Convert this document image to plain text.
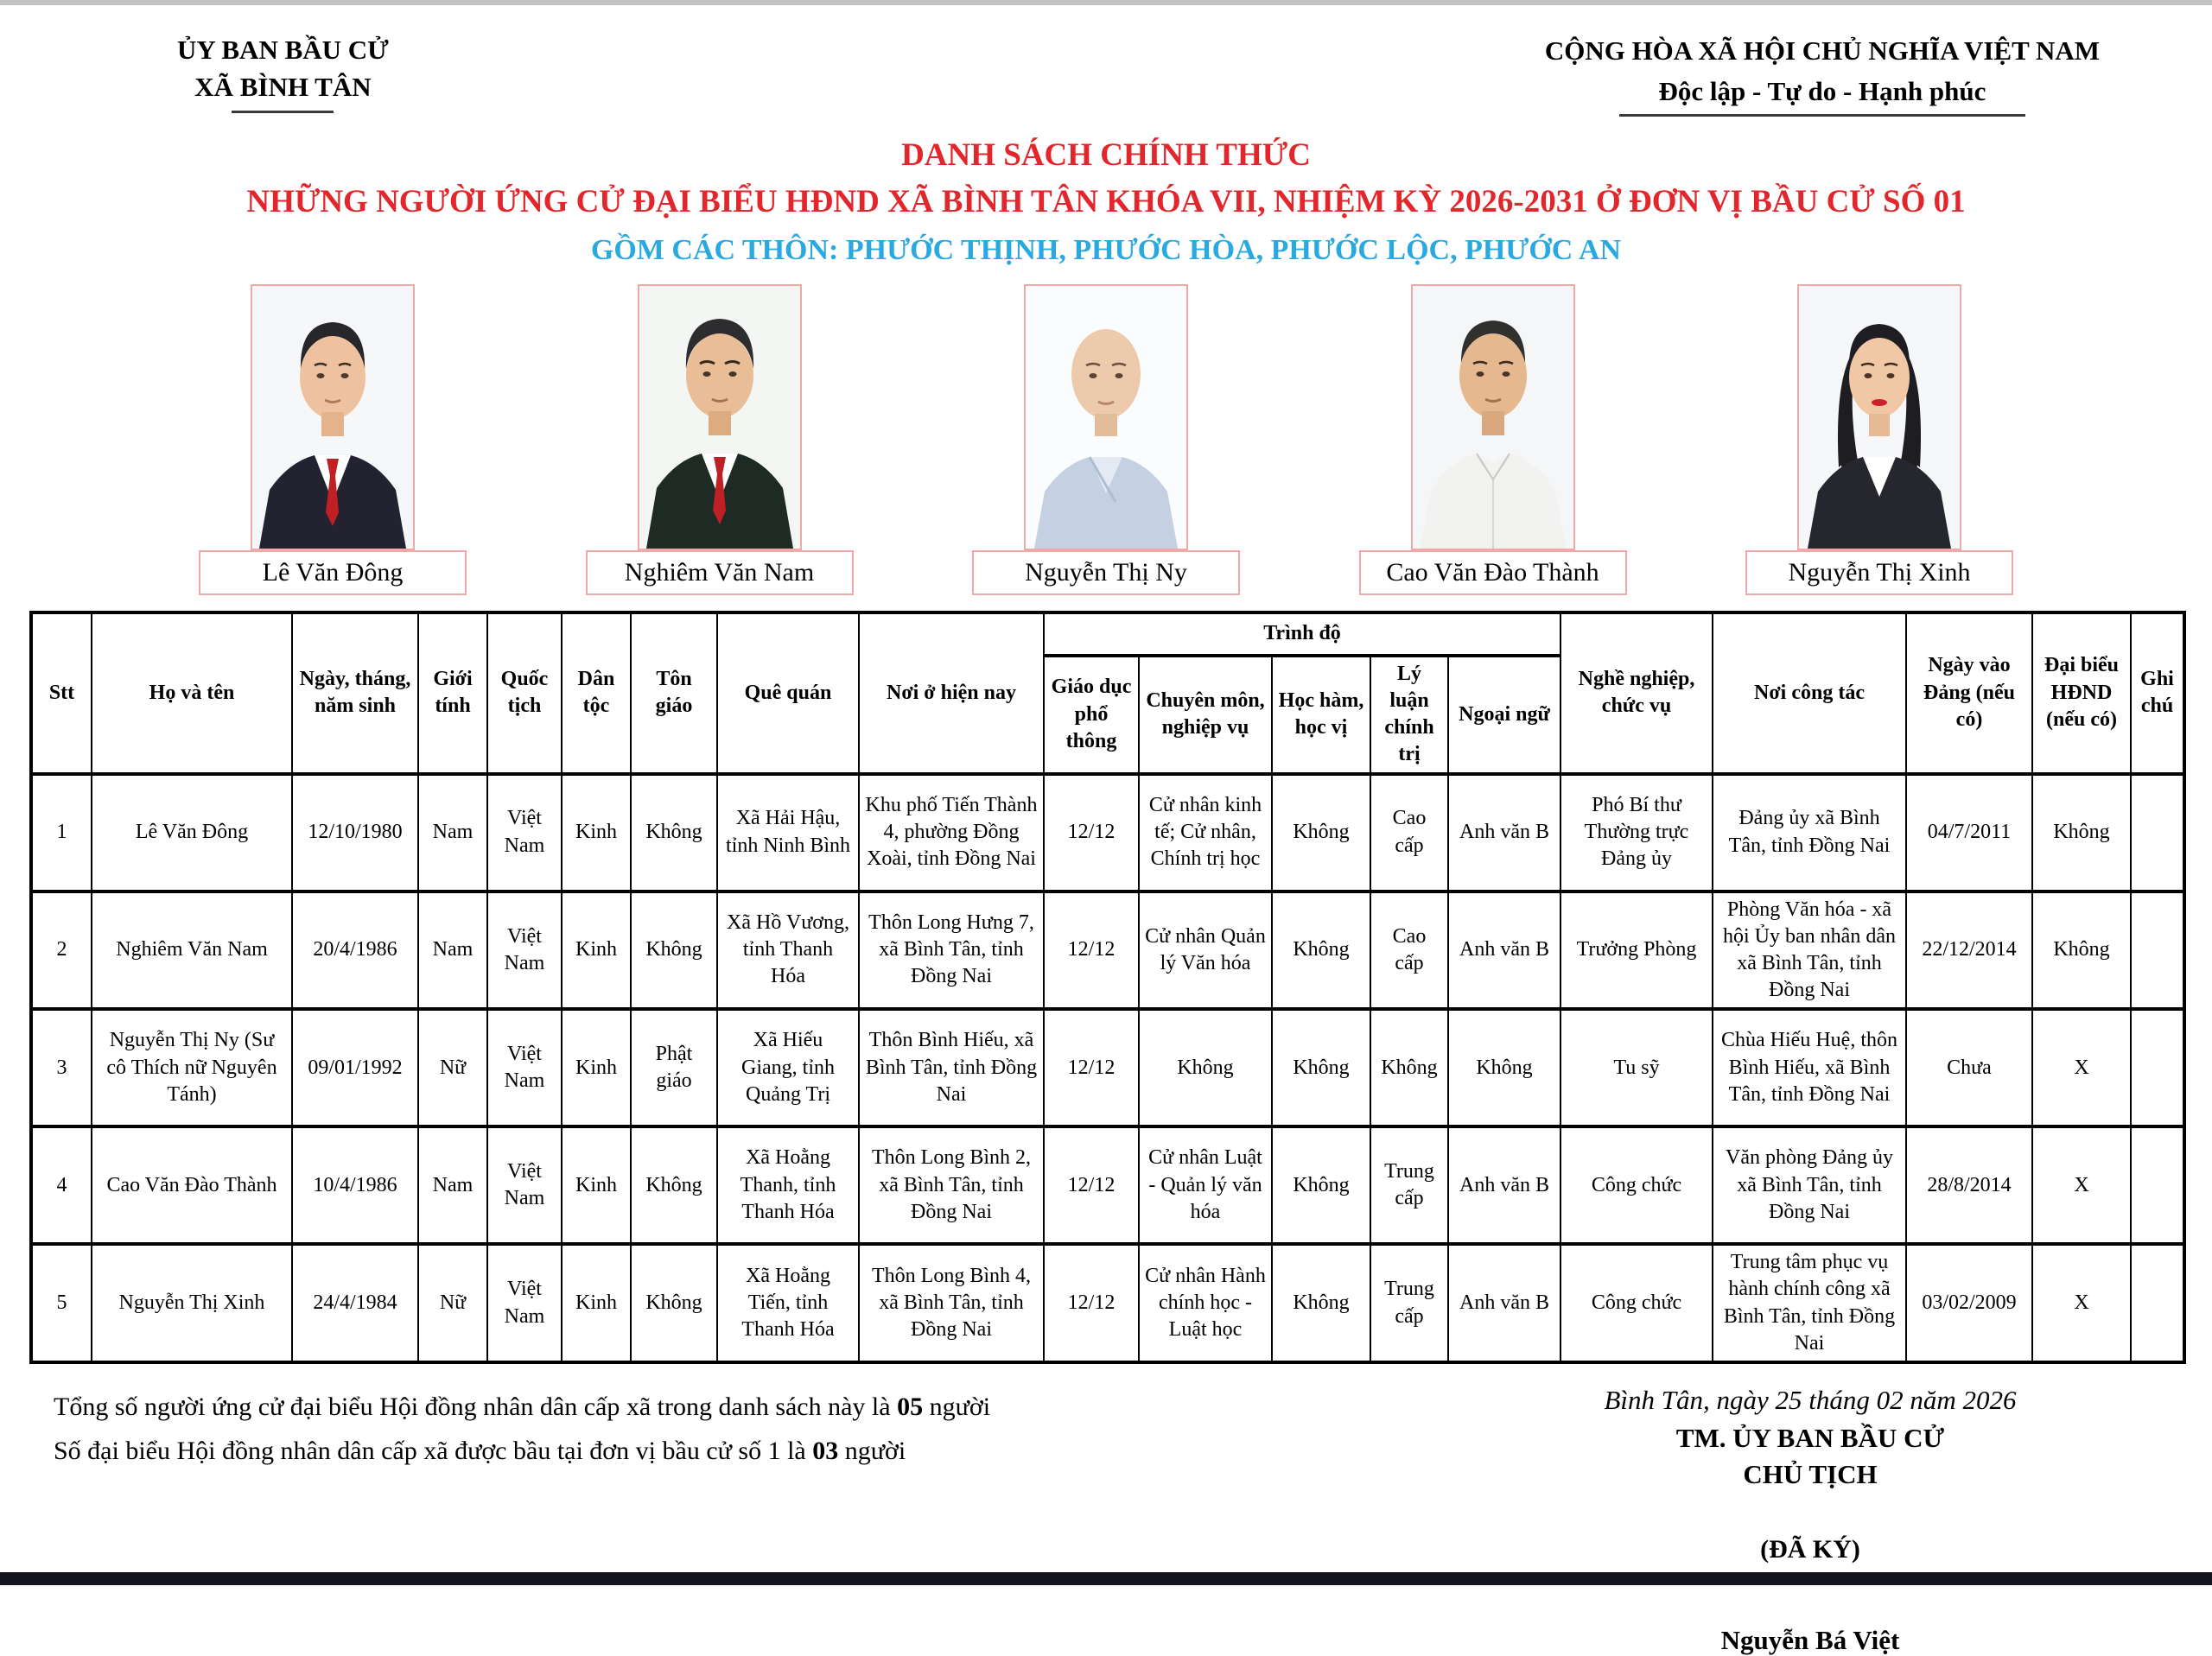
ỦY BAN BẦU CỬ
XÃ BÌNH TÂN
CỘNG HÒA XÃ HỘI CHỦ NGHĨA VIỆT NAM
Độc lập - Tự do - Hạnh phúc
DANH SÁCH CHÍNH THỨC
NHỮNG NGƯỜI ỨNG CỬ ĐẠI BIỂU HĐND XÃ BÌNH TÂN KHÓA VII, NHIỆM KỲ 2026-2031 Ở ĐƠN VỊ BẦU CỬ SỐ 01
GỒM CÁC THÔN: PHƯỚC THỊNH, PHƯỚC HÒA, PHƯỚC LỘC, PHƯỚC AN
Lê Văn Đông	Nghiêm Văn Nam	Nguyễn Thị Ny	Cao Văn Đào Thành	Nguyễn Thị Xinh
Stt	Họ và tên	Ngày, tháng, năm sinh	Giới tính	Quốc tịch	Dân tộc	Tôn giáo	Quê quán	Nơi ở hiện nay	Trình độ					Nghề nghiệp, chức vụ	Nơi công tác	Ngày vào Đảng (nếu có)	Đại biểu HĐND (nếu có)	Ghi chú
									Giáo dục phổ thông	Chuyên môn, nghiệp vụ	Học hàm, học vị	Lý luận chính trị	Ngoại ngữ					
1	Lê Văn Đông	12/10/1980	Nam	Việt Nam	Kinh	Không	Xã Hải Hậu, tỉnh Ninh Bình	Khu phố Tiến Thành 4, phường Đồng Xoài, tỉnh Đồng Nai	12/12	Cử nhân kinh tế; Cử nhân, Chính trị học	Không	Cao cấp	Anh văn B	Phó Bí thư Thường trực Đảng ủy	Đảng ủy xã Bình Tân, tỉnh Đồng Nai	04/7/2011	Không	
2	Nghiêm Văn Nam	20/4/1986	Nam	Việt Nam	Kinh	Không	Xã Hồ Vương, tỉnh Thanh Hóa	Thôn Long Hưng 7, xã Bình Tân, tỉnh Đồng Nai	12/12	Cử nhân Quản lý Văn hóa	Không	Cao cấp	Anh văn B	Trưởng Phòng	Phòng Văn hóa - xã hội Ủy ban nhân dân xã Bình Tân, tỉnh Đồng Nai	22/12/2014	Không	
3	Nguyễn Thị Ny (Sư cô Thích nữ Nguyên Tánh)	09/01/1992	Nữ	Việt Nam	Kinh	Phật giáo	Xã Hiếu Giang, tỉnh Quảng Trị	Thôn Bình Hiếu, xã Bình Tân, tỉnh Đồng Nai	12/12	Không	Không	Không	Không	Tu sỹ	Chùa Hiếu Huệ, thôn Bình Hiếu, xã Bình Tân, tỉnh Đồng Nai	Chưa	X	
4	Cao Văn Đào Thành	10/4/1986	Nam	Việt Nam	Kinh	Không	Xã Hoằng Thanh, tỉnh Thanh Hóa	Thôn Long Bình 2, xã Bình Tân, tỉnh Đồng Nai	12/12	Cử nhân Luật - Quản lý văn hóa	Không	Trung cấp	Anh văn B	Công chức	Văn phòng Đảng ủy xã Bình Tân, tỉnh Đồng Nai	28/8/2014	X	
5	Nguyễn Thị Xinh	24/4/1984	Nữ	Việt Nam	Kinh	Không	Xã Hoằng Tiến, tỉnh Thanh Hóa	Thôn Long Bình 4, xã Bình Tân, tỉnh Đồng Nai	12/12	Cử nhân Hành chính học - Luật học	Không	Trung cấp	Anh văn B	Công chức	Trung tâm phục vụ hành chính công xã Bình Tân, tỉnh Đồng Nai	03/02/2009	X	
Tổng số người ứng cử đại biểu Hội đồng nhân dân cấp xã trong danh sách này là 05 người
Số đại biểu Hội đồng nhân dân cấp xã được bầu tại đơn vị bầu cử số 1 là 03 người
Bình Tân, ngày 25 tháng 02 năm 2026
TM. ỦY BAN BẦU CỬ
CHỦ TỊCH
(ĐÃ KÝ)
Nguyễn Bá Việt
